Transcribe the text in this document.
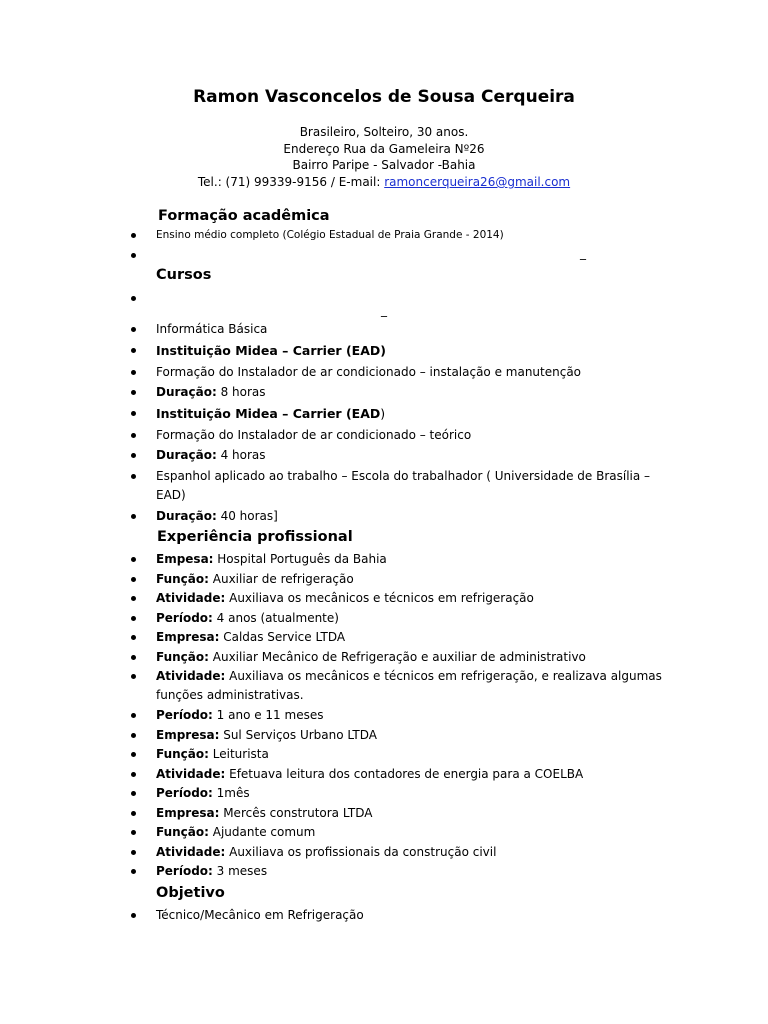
Ramon Vasconcelos de Sousa Cerqueira
Brasileiro, Solteiro, 30 anos.
Endereço Rua da Gameleira Nº26
Bairro Paripe - Salvador -Bahia
Tel.: (71) 99339-9156 / E-mail: ramoncerqueira26@gmail.com
Formação acadêmica
Ensino médio completo (Colégio Estadual de Praia Grande - 2014)
_
Cursos
_
Informática Básica
Instituição Midea – Carrier (EAD)
Formação do Instalador de ar condicionado – instalação e manutenção
Duração: 8 horas
Instituição Midea – Carrier (EAD)
Formação do Instalador de ar condicionado – teórico
Duração: 4 horas
Espanhol aplicado ao trabalho – Escola do trabalhador ( Universidade de Brasília –
EAD)
Duração: 40 horas]
Experiência profissional
Empesa: Hospital Português da Bahia
Função: Auxiliar de refrigeração
Atividade: Auxiliava os mecânicos e técnicos em refrigeração
Período: 4 anos (atualmente)
Empresa: Caldas Service LTDA
Função: Auxiliar Mecânico de Refrigeração e auxiliar de administrativo
Atividade: Auxiliava os mecânicos e técnicos em refrigeração, e realizava algumas
funções administrativas.
Período: 1 ano e 11 meses
Empresa: Sul Serviços Urbano LTDA
Função: Leiturista
Atividade: Efetuava leitura dos contadores de energia para a COELBA
Período: 1mês
Empresa: Mercês construtora LTDA
Função: Ajudante comum
Atividade: Auxiliava os profissionais da construção civil
Período: 3 meses
Objetivo
Técnico/Mecânico em Refrigeração
